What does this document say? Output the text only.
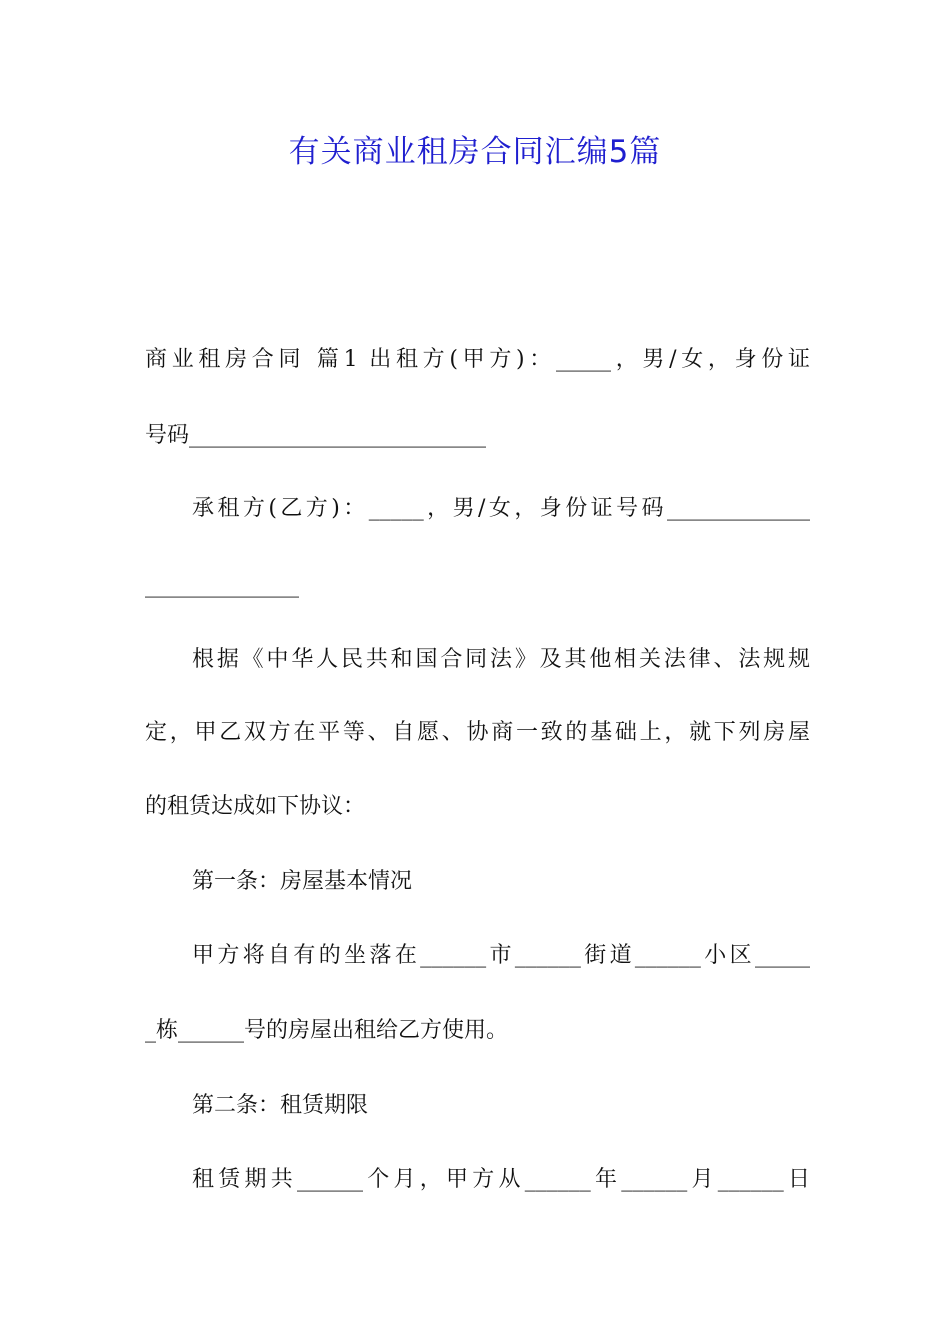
有关商业租房合同汇编5篇

商业租房合同 篇1 出租方(甲方)：_____，男/女，身份证

号码___________________________

承租方(乙方)：_____，男/女，身份证号码_____________

______________

根据《中华人民共和国合同法》及其他相关法律、法规规

定，甲乙双方在平等、自愿、协商一致的基础上，就下列房屋

的租赁达成如下协议：

第一条：房屋基本情况

甲方将自有的坐落在______市______街道______小区_____

_栋______号的房屋出租给乙方使用。

第二条：租赁期限

租赁期共______个月，甲方从______年______月______日
